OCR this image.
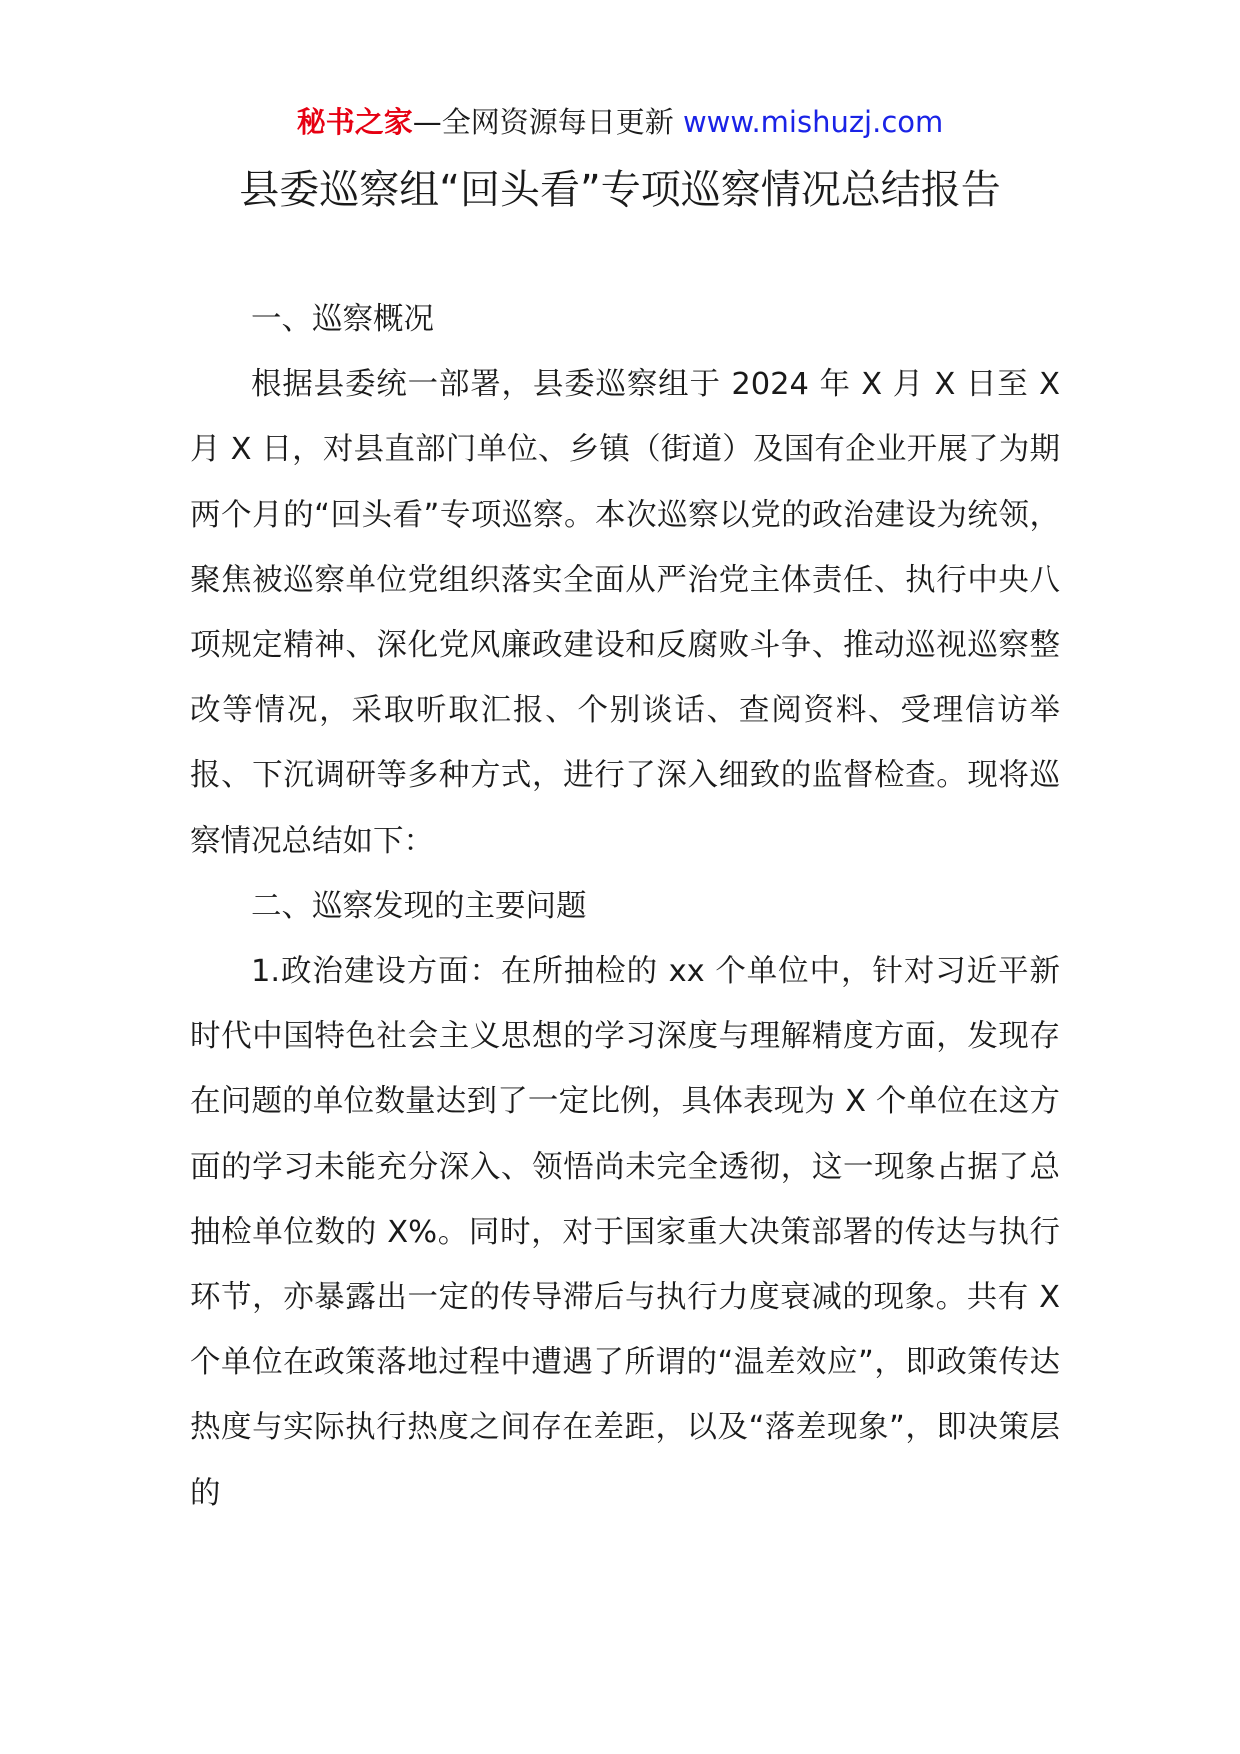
秘书之家—全网资源每日更新 www.mishuzj.com
县委巡察组“回头看”专项巡察情况总结报告
一、巡察概况

根据县委统一部署，县委巡察组于 2024 年 X 月 X 日至 X 月 X 日，对县直部门单位、乡镇（街道）及国有企业开展了为期两个月的“回头看”专项巡察。本次巡察以党的政治建设为统领，聚焦被巡察单位党组织落实全面从严治党主体责任、执行中央八项规定精神、深化党风廉政建设和反腐败斗争、推动巡视巡察整改等情况，采取听取汇报、个别谈话、查阅资料、受理信访举报、下沉调研等多种方式，进行了深入细致的监督检查。现将巡察情况总结如下：

二、巡察发现的主要问题

1.政治建设方面：在所抽检的 xx 个单位中，针对习近平新时代中国特色社会主义思想的学习深度与理解精度方面，发现存在问题的单位数量达到了一定比例，具体表现为 X 个单位在这方面的学习未能充分深入、领悟尚未完全透彻，这一现象占据了总抽检单位数的 X%。同时，对于国家重大决策部署的传达与执行环节，亦暴露出一定的传导滞后与执行力度衰减的现象。共有 X 个单位在政策落地过程中遭遇了所谓的“温差效应”，即政策传达热度与实际执行热度之间存在差距，以及“落差现象”，即决策层的
